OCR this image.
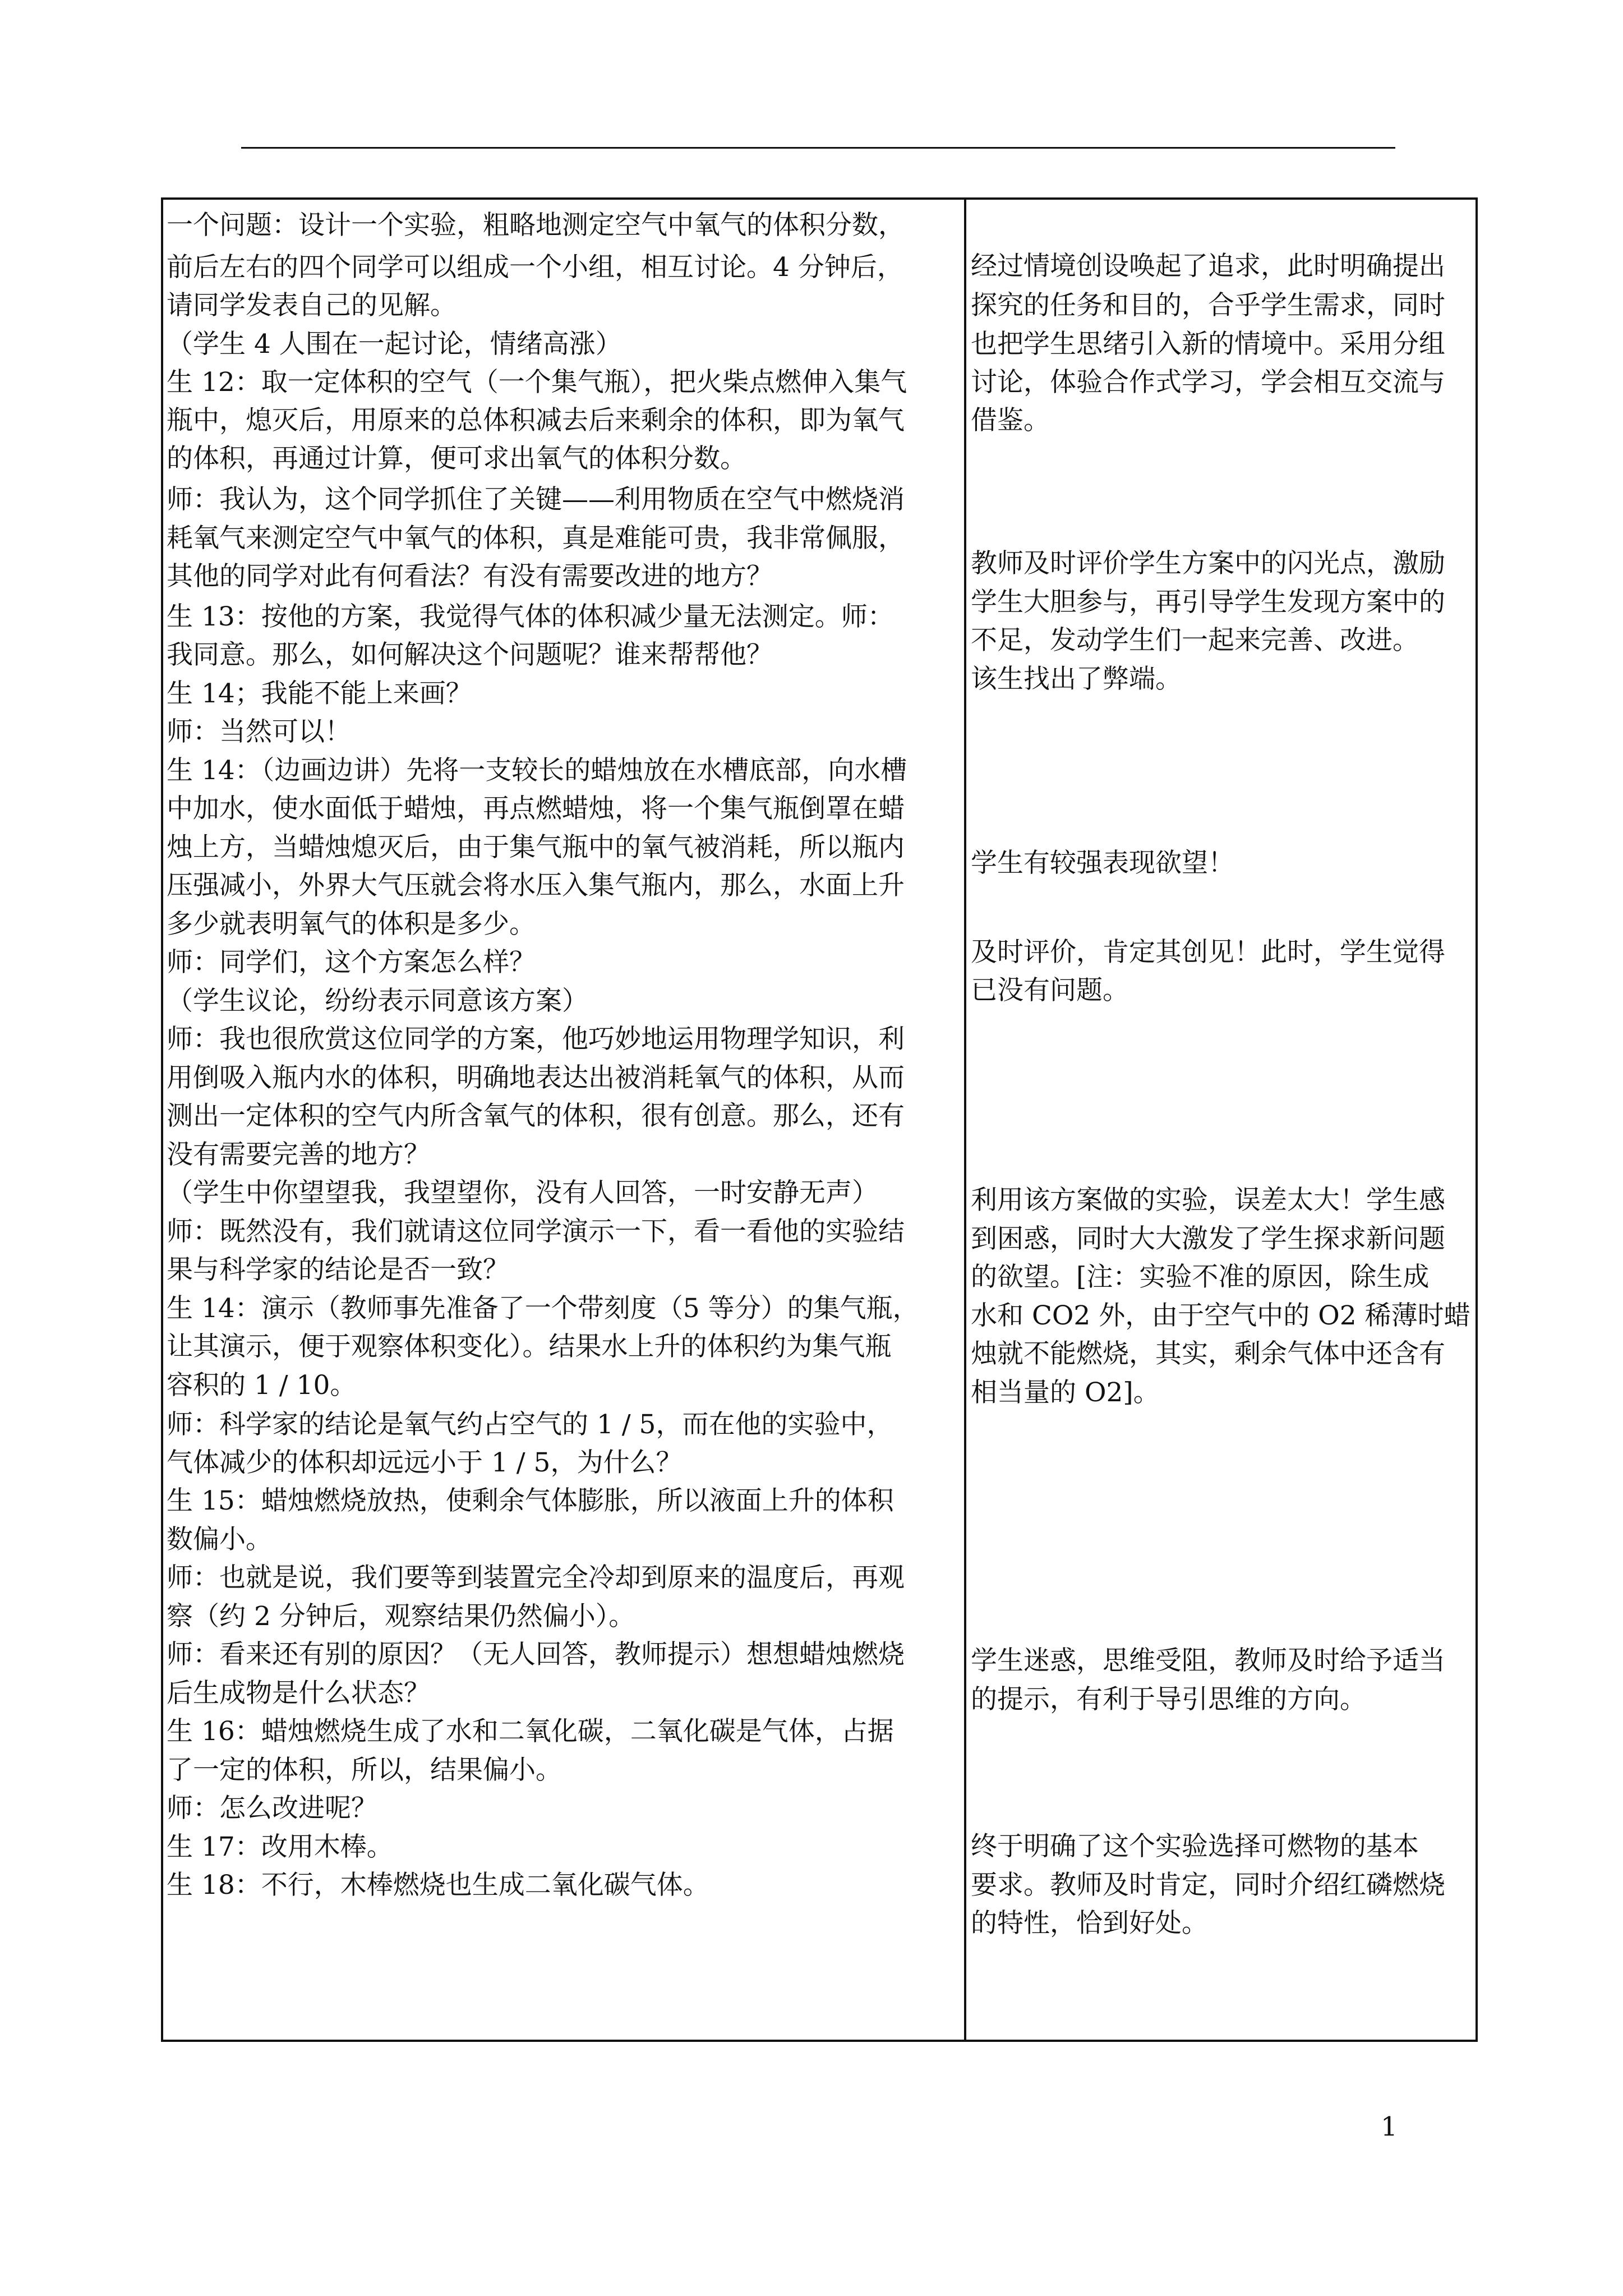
一个问题：设计一个实验，粗略地测定空气中氧气的体积分数，
前后左右的四个同学可以组成一个小组，相互讨论。4 分钟后，
请同学发表自己的见解。
（学生 4 人围在一起讨论，情绪高涨）
生 12：取一定体积的空气（一个集气瓶），把火柴点燃伸入集气
瓶中，熄灭后，用原来的总体积减去后来剩余的体积，即为氧气
的体积，再通过计算，便可求出氧气的体积分数。
师：我认为，这个同学抓住了关键——利用物质在空气中燃烧消
耗氧气来测定空气中氧气的体积，真是难能可贵，我非常佩服，
其他的同学对此有何看法？有没有需要改进的地方？
生 13：按他的方案，我觉得气体的体积减少量无法测定。师：
我同意。那么，如何解决这个问题呢？谁来帮帮他？
生 14；我能不能上来画？
师：当然可以！
生 14：（边画边讲）先将一支较长的蜡烛放在水槽底部，向水槽
中加水，使水面低于蜡烛，再点燃蜡烛，将一个集气瓶倒罩在蜡
烛上方，当蜡烛熄灭后，由于集气瓶中的氧气被消耗，所以瓶内
压强减小，外界大气压就会将水压入集气瓶内，那么，水面上升
多少就表明氧气的体积是多少。
师：同学们，这个方案怎么样？
（学生议论，纷纷表示同意该方案）
师：我也很欣赏这位同学的方案，他巧妙地运用物理学知识，利
用倒吸入瓶内水的体积，明确地表达出被消耗氧气的体积，从而
测出一定体积的空气内所含氧气的体积，很有创意。那么，还有
没有需要完善的地方？
（学生中你望望我，我望望你，没有人回答，一时安静无声）
师：既然没有，我们就请这位同学演示一下，看一看他的实验结
果与科学家的结论是否一致？
生 14：演示（教师事先准备了一个带刻度（5 等分）的集气瓶，
让其演示，便于观察体积变化）。结果水上升的体积约为集气瓶
容积的 1 / 10。
师：科学家的结论是氧气约占空气的 1 / 5，而在他的实验中，
气体减少的体积却远远小于 1 / 5，为什么？
生 15：蜡烛燃烧放热，使剩余气体膨胀，所以液面上升的体积
数偏小。
师：也就是说，我们要等到装置完全冷却到原来的温度后，再观
察（约 2 分钟后，观察结果仍然偏小）。
师：看来还有别的原因？（无人回答，教师提示）想想蜡烛燃烧
后生成物是什么状态？
生 16：蜡烛燃烧生成了水和二氧化碳，二氧化碳是气体，占据
了一定的体积，所以，结果偏小。
师：怎么改进呢？
生 17：改用木棒。
生 18：不行，木棒燃烧也生成二氧化碳气体。
经过情境创设唤起了追求，此时明确提出
探究的任务和目的，合乎学生需求，同时
也把学生思绪引入新的情境中。采用分组
讨论，体验合作式学习，学会相互交流与
借鉴。
教师及时评价学生方案中的闪光点，激励
学生大胆参与，再引导学生发现方案中的
不足，发动学生们一起来完善、改进。
该生找出了弊端。
学生有较强表现欲望！
及时评价，肯定其创见！此时，学生觉得
已没有问题。
利用该方案做的实验，误差太大！学生感
到困惑，同时大大激发了学生探求新问题
的欲望。[注：实验不准的原因，除生成
水和 CO2 外，由于空气中的 O2 稀薄时蜡
烛就不能燃烧，其实，剩余气体中还含有
相当量的 O2]。
学生迷惑，思维受阻，教师及时给予适当
的提示，有利于导引思维的方向。
终于明确了这个实验选择可燃物的基本
要求。教师及时肯定，同时介绍红磷燃烧
的特性，恰到好处。
1
